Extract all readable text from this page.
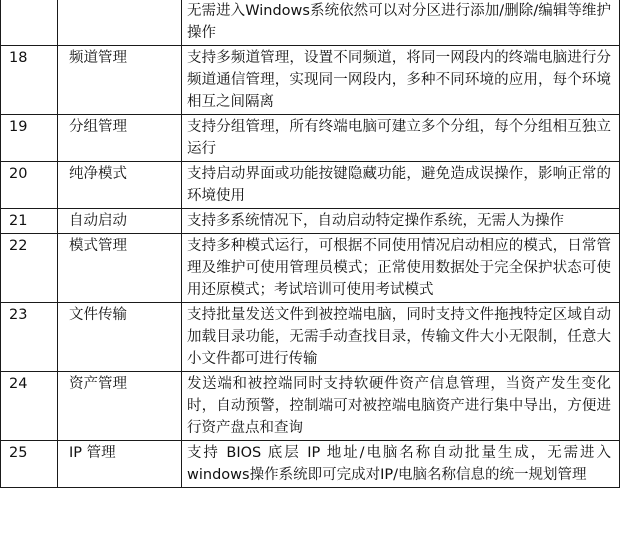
		无需进入Windows系统依然可以对分区进行添加/删除/编辑等维护操作
18	频道管理	支持多频道管理，设置不同频道，将同一网段内的终端电脑进行分频道通信管理，实现同一网段内，多种不同环境的应用，每个环境相互之间隔离
19	分组管理	支持分组管理，所有终端电脑可建立多个分组，每个分组相互独立运行
20	纯净模式	支持启动界面或功能按键隐藏功能，避免造成误操作，影响正常的环境使用
21	自动启动	支持多系统情况下，自动启动特定操作系统，无需人为操作
22	模式管理	支持多种模式运行，可根据不同使用情况启动相应的模式，日常管理及维护可使用管理员模式；正常使用数据处于完全保护状态可使用还原模式；考试培训可使用考试模式
23	文件传输	支持批量发送文件到被控端电脑，同时支持文件拖拽特定区域自动加载目录功能，无需手动查找目录，传输文件大小无限制，任意大小文件都可进行传输
24	资产管理	发送端和被控端同时支持软硬件资产信息管理，当资产发生变化时，自动预警，控制端可对被控端电脑资产进行集中导出，方便进行资产盘点和查询
25	IP 管理	支持 BIOS 底层 IP 地址/电脑名称自动批量生成，无需进入windows操作系统即可完成对IP/电脑名称信息的统一规划管理
